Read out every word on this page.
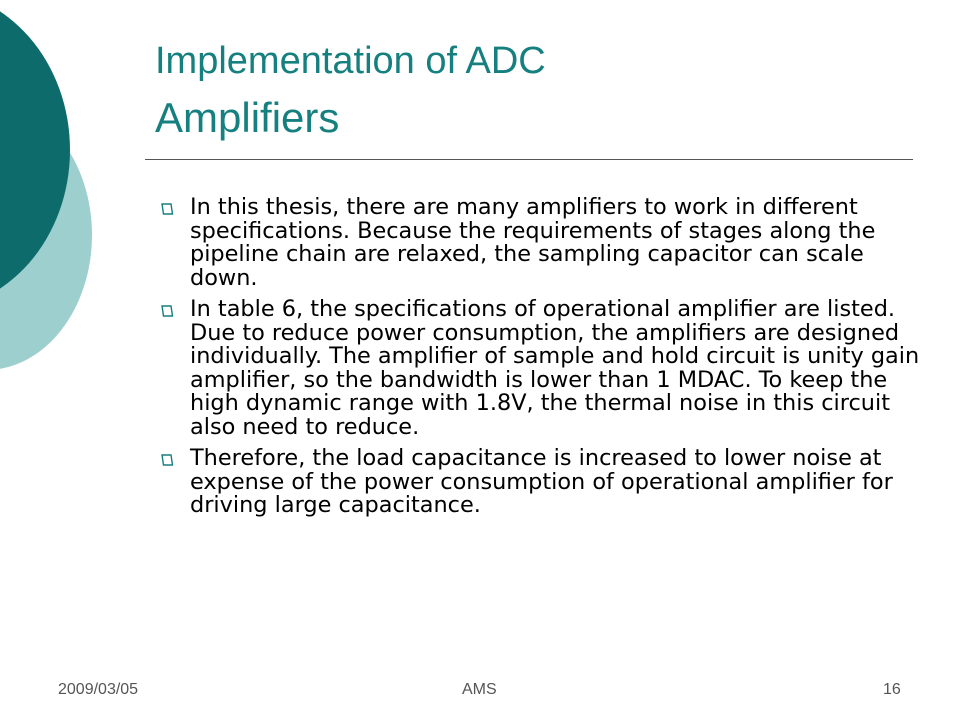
Implementation of ADC
Amplifiers
In this thesis, there are many amplifiers to work in different specifications. Because the requirements of stages along the pipeline chain are relaxed, the sampling capacitor can scale down.
In table 6, the specifications of operational amplifier are listed. Due to reduce power consumption, the amplifiers are designed individually. The amplifier of sample and hold circuit is unity gain amplifier, so the bandwidth is lower than 1 MDAC. To keep the high dynamic range with 1.8V, the thermal noise in this circuit also need to reduce.
Therefore, the load capacitance is increased to lower noise at expense of the power consumption of operational amplifier for driving large capacitance.
2009/03/05	AMS	16
